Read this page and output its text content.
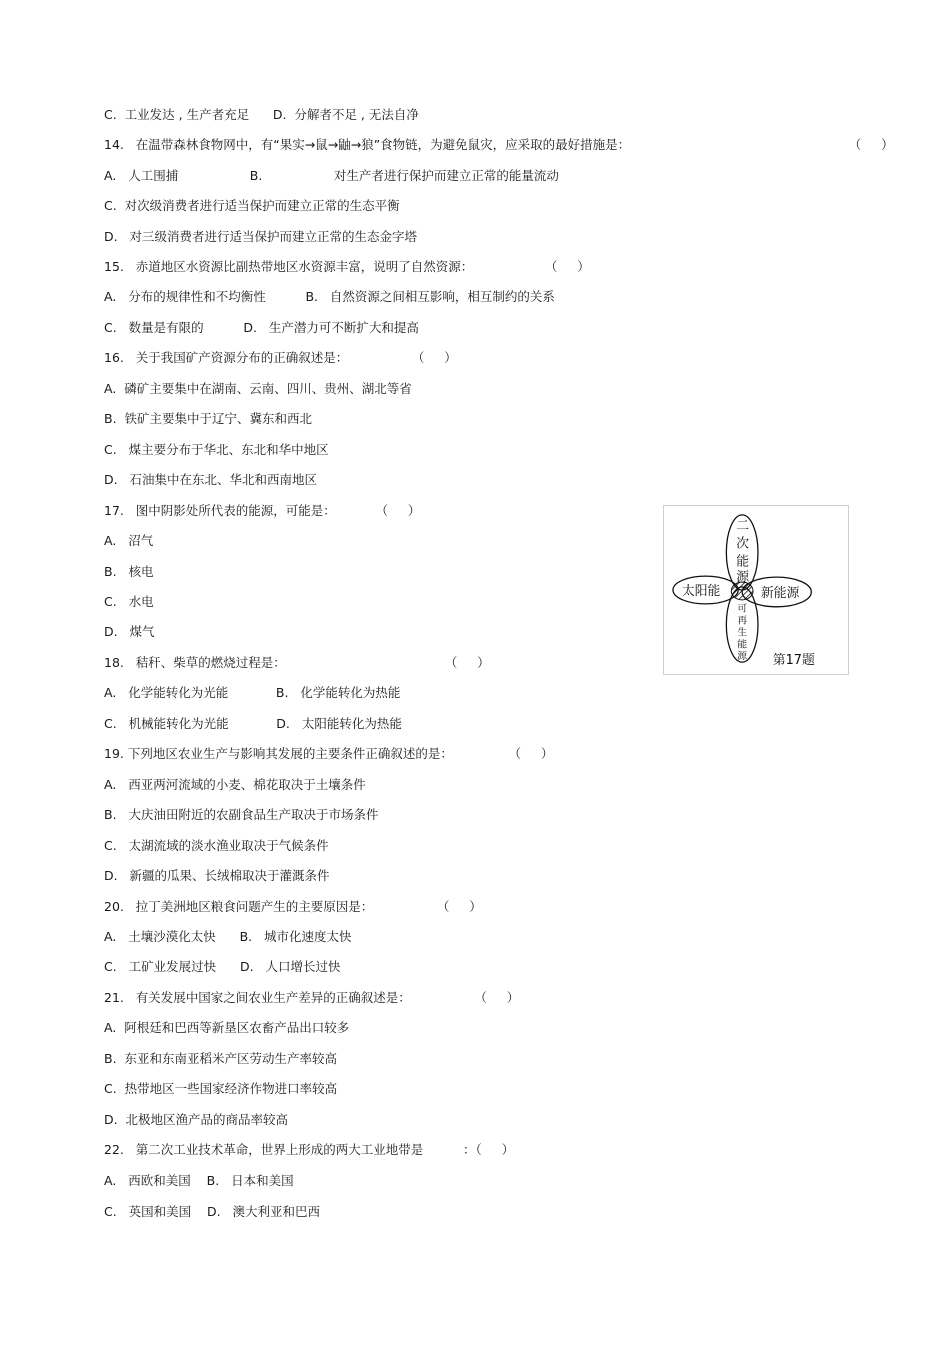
C.  工业发达 , 生产者充足      D.  分解者不足 , 无法自净
14.   在温带森林食物网中，有“果实→鼠→鼬→狼”食物链，为避免鼠灾，应采取的最好措施是：                                                       （     ）
A.   人工围捕                  B.                  对生产者进行保护而建立正常的能量流动
C.  对次级消费者进行适当保护而建立正常的生态平衡
D.   对三级消费者进行适当保护而建立正常的生态金字塔
15.   赤道地区水资源比副热带地区水资源丰富，说明了自然资源：                  （     ）
A.   分布的规律性和不均衡性          B.   自然资源之间相互影响，相互制约的关系
C.   数量是有限的          D.   生产潜力可不断扩大和提高
16.   关于我国矿产资源分布的正确叙述是：                （     ）
A.  磷矿主要集中在湖南、云南、四川、贵州、湖北等省
B.  铁矿主要集中于辽宁、冀东和西北
C.   煤主要分布于华北、东北和华中地区
D.   石油集中在东北、华北和西南地区
17.   图中阴影处所代表的能源，可能是：          （     ）
A.   沼气
B.   核电
C.   水电
D.   煤气
18.   秸秆、柴草的燃烧过程是：                                        （     ）
A.   化学能转化为光能            B.   化学能转化为热能
C.   机械能转化为光能            D.   太阳能转化为热能
19. 下列地区农业生产与影响其发展的主要条件正确叙述的是：              （     ）
A.   西亚两河流域的小麦、棉花取决于土壤条件
B.   大庆油田附近的农副食品生产取决于市场条件
C.   太湖流域的淡水渔业取决于气候条件
D.   新疆的瓜果、长绒棉取决于灌溉条件
20.   拉丁美洲地区粮食问题产生的主要原因是：                （     ）
A.   土壤沙漠化太快      B.   城市化速度太快
C.   工矿业发展过快      D.   人口增长过快
21.   有关发展中国家之间农业生产差异的正确叙述是：                （     ）
A.  阿根廷和巴西等新垦区农畜产品出口较多
B.  东亚和东南亚稻米产区劳动生产率较高
C.  热带地区一些国家经济作物进口率较高
D.  北极地区渔产品的商品率较高
22.   第二次工业技术革命，世界上形成的两大工业地带是          ：（     ）
A.   西欧和美国    B.   日本和美国
C.   英国和美国    D.   澳大利亚和巴西
二 次 能 源
太阳能	新能源
可 再 生 能 源 第17题
